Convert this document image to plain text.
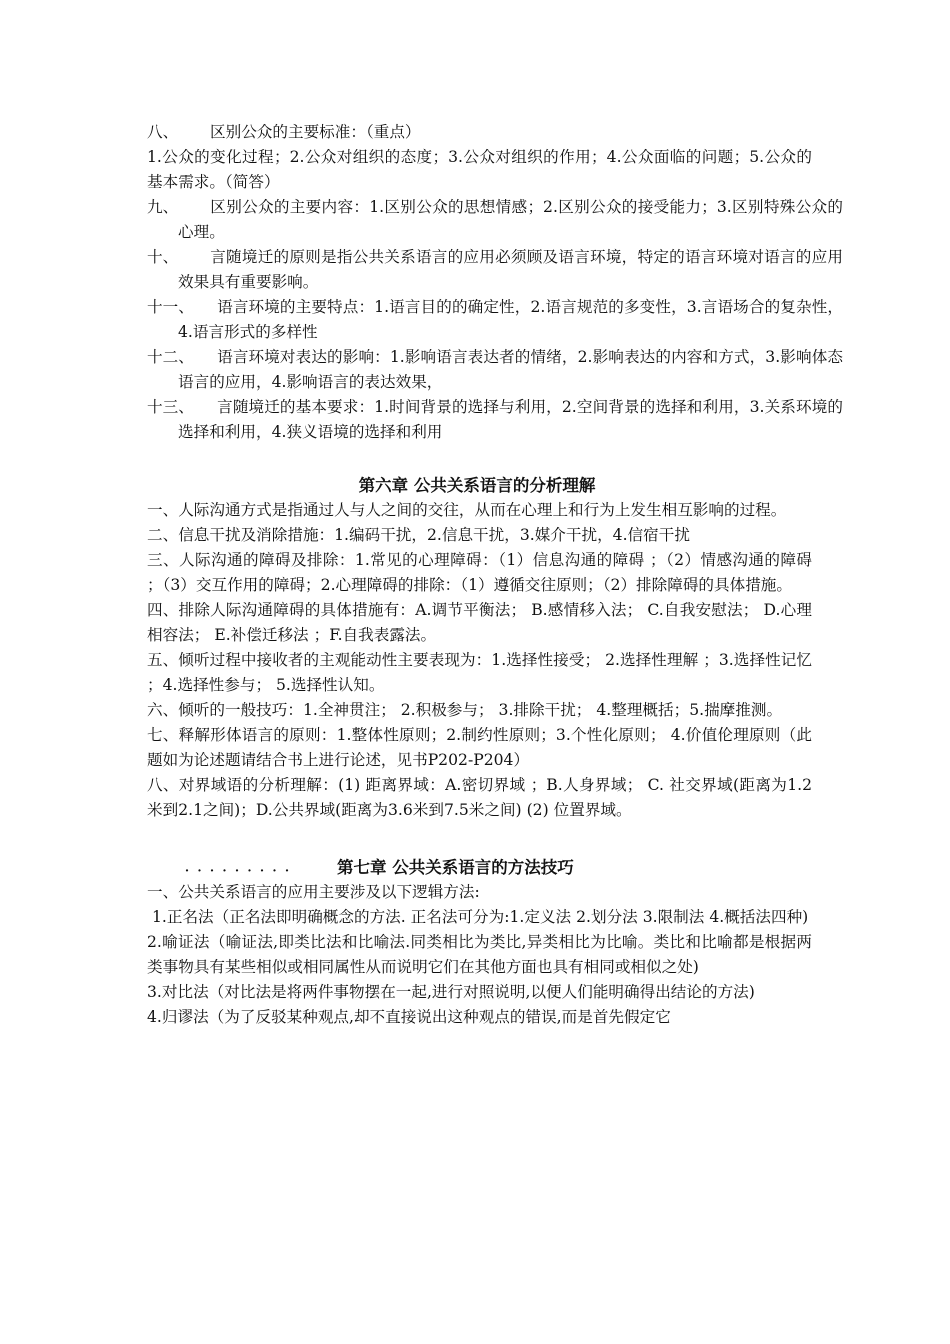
八、 区别公众的主要标准：（重点）
1.公众的变化过程；2.公众对组织的态度；3.公众对组织的作用；4.公众面临的问题；5.公众的基本需求。（简答）
九、 区别公众的主要内容：1.区别公众的思想情感；2.区别公众的接受能力；3.区别特殊公众的心理。
十、 言随境迁的原则是指公共关系语言的应用必须顾及语言环境，特定的语言环境对语言的应用效果具有重要影响。
十一、 语言环境的主要特点：1.语言目的的确定性，2.语言规范的多变性，3.言语场合的复杂性，4.语言形式的多样性
十二、 语言环境对表达的影响：1.影响语言表达者的情绪，2.影响表达的内容和方式，3.影响体态语言的应用，4.影响语言的表达效果，
十三、 言随境迁的基本要求：1.时间背景的选择与利用，2.空间背景的选择和利用，3.关系环境的选择和利用，4.狭义语境的选择和利用
第六章 公共关系语言的分析理解
一、人际沟通方式是指通过人与人之间的交往，从而在心理上和行为上发生相互影响的过程。
二、信息干扰及消除措施：1.编码干扰，2.信息干扰，3.媒介干扰，4.信宿干扰
三、人际沟通的障碍及排除：1.常见的心理障碍：（1）信息沟通的障碍 ；（2）情感沟通的障碍 ；（3）交互作用的障碍；2.心理障碍的排除：（1）遵循交往原则；（2）排除障碍的具体措施。
四、排除人际沟通障碍的具体措施有：A.调节平衡法； B.感情移入法； C.自我安慰法； D.心理相容法； E.补偿迁移法 ；F.自我表露法。
五、倾听过程中接收者的主观能动性主要表现为：1.选择性接受； 2.选择性理解 ；3.选择性记忆 ；4.选择性参与； 5.选择性认知。
六、倾听的一般技巧：1.全神贯注； 2.积极参与； 3.排除干扰； 4.整理概括；5.揣摩推测。
七、释解形体语言的原则：1.整体性原则；2.制约性原则；3.个性化原则； 4.价值伦理原则（此题如为论述题请结合书上进行论述，见书P202-P204）
八、对界域语的分析理解：(1) 距离界域：A.密切界域 ；B.人身界域； C. 社交界域(距离为1.2米到2.1之间)；D.公共界域(距离为3.6米到7.5米之间) (2) 位置界域。
．．．．．．．．． 第七章 公共关系语言的方法技巧
一、公共关系语言的应用主要涉及以下逻辑方法:
1.正名法（正名法即明确概念的方法. 正名法可分为:1.定义法 2.划分法 3.限制法 4.概括法四种)
2.喻证法（喻证法,即类比法和比喻法.同类相比为类比,异类相比为比喻。类比和比喻都是根据两类事物具有某些相似或相同属性从而说明它们在其他方面也具有相同或相似之处)
3.对比法（对比法是将两件事物摆在一起,进行对照说明,以便人们能明确得出结论的方法)
4.归谬法（为了反驳某种观点,却不直接说出这种观点的错误,而是首先假定它
